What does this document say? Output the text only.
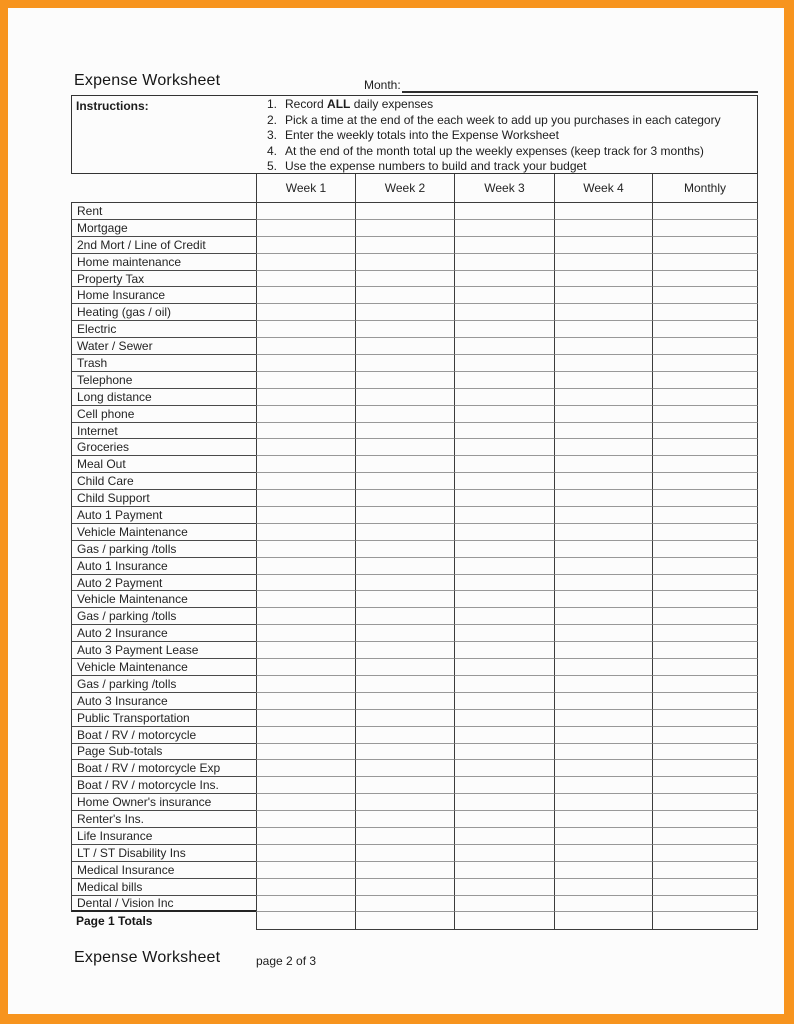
Expense Worksheet	Month:
Instructions:	1. Record ALL daily expenses
2. Pick a time at the end of the each week to add up you purchases in each category
3. Enter the weekly totals into the Expense Worksheet
4. At the end of the month total up the weekly expenses (keep track for 3 months)
5. Use the expense numbers to build and track your budget
Week 1	Week 2	Week 3	Week 4	Monthly
Rent
Mortgage
2nd Mort / Line of Credit
Home maintenance
Property Tax
Home Insurance
Heating (gas / oil)
Electric
Water / Sewer
Trash
Telephone
Long distance
Cell phone
Internet
Groceries
Meal Out
Child Care
Child Support
Auto 1 Payment
Vehicle Maintenance
Gas / parking /tolls
Auto 1 Insurance
Auto 2 Payment
Vehicle Maintenance
Gas / parking /tolls
Auto 2 Insurance
Auto 3 Payment Lease
Vehicle Maintenance
Gas / parking /tolls
Auto 3 Insurance
Public Transportation
Boat / RV / motorcycle
Page Sub-totals
Boat / RV / motorcycle Exp
Boat / RV / motorcycle Ins.
Home Owner's insurance
Renter's Ins.
Life Insurance
LT / ST Disability Ins
Medical Insurance
Medical bills
Dental / Vision Inc
Page 1 Totals
Expense Worksheet	page 2 of 3
